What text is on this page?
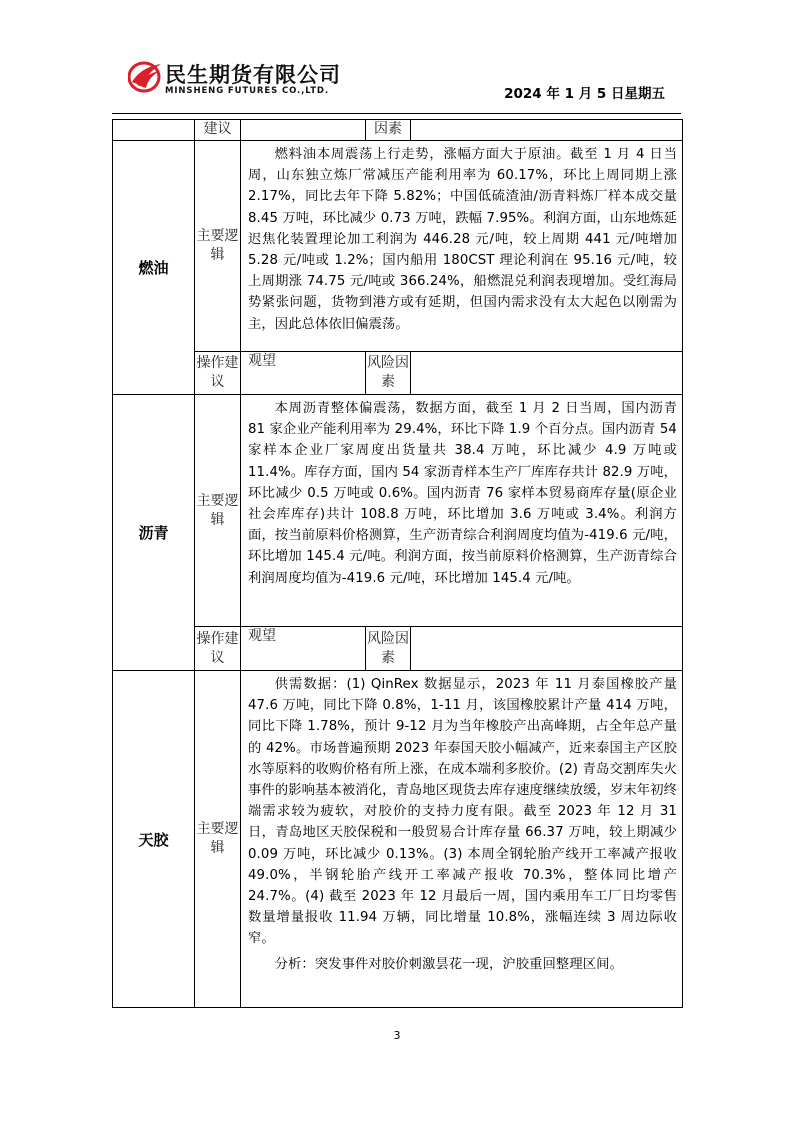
民生期货有限公司
MINSHENG FUTURES CO.,LTD.	2024 年 1 月 5 日星期五
	建议		因素	
燃油	主要逻辑	燃料油本周震荡上行走势，涨幅方面大于原油。截至 1 月 4 日当周，山东独立炼厂常减压产能利用率为 60.17%，环比上周同期上涨 2.17%，同比去年下降 5.82%；中国低硫渣油/沥青料炼厂样本成交量 8.45 万吨，环比减少 0.73 万吨，跌幅 7.95%。利润方面，山东地炼延迟焦化装置理论加工利润为 446.28 元/吨，较上周期 441 元/吨增加 5.28 元/吨或 1.2%；国内船用 180CST 理论利润在 95.16 元/吨，较上周期涨 74.75 元/吨或 366.24%，船燃混兑利润表现增加。受红海局势紧张问题，货物到港方或有延期，但国内需求没有太大起色以刚需为主，因此总体依旧偏震荡。		

	操作建议	观望	风险因素	
沥青	主要逻辑	本周沥青整体偏震荡，数据方面，截至 1 月 2 日当周，国内沥青 81 家企业产能利用率为 29.4%，环比下降 1.9 个百分点。国内沥青 54 家样本企业厂家周度出货量共 38.4 万吨，环比减少 4.9 万吨或 11.4%。库存方面，国内 54 家沥青样本生产厂库库存共计 82.9 万吨，环比减少 0.5 万吨或 0.6%。国内沥青 76 家样本贸易商库存量(原企业社会库库存)共计 108.8 万吨，环比增加 3.6 万吨或 3.4%。利润方面，按当前原料价格测算，生产沥青综合利润周度均值为-419.6 元/吨，环比增加 145.4 元/吨。利润方面，按当前原料价格测算，生产沥青综合利润周度均值为-419.6 元/吨，环比增加 145.4 元/吨。		

	操作建议	观望	风险因素	
天胶	主要逻辑	供需数据：(1) QinRex 数据显示，2023 年 11 月泰国橡胶产量 47.6 万吨，同比下降 0.8%，1-11 月，该国橡胶累计产量 414 万吨，同比下降 1.78%，预计 9-12 月为当年橡胶产出高峰期，占全年总产量的 42%。市场普遍预期 2023 年泰国天胶小幅减产，近来泰国主产区胶水等原料的收购价格有所上涨，在成本端利多胶价。(2) 青岛交割库失火事件的影响基本被消化，青岛地区现货去库存速度继续放缓，岁末年初终端需求较为疲软，对胶价的支持力度有限。截至 2023 年 12 月 31 日，青岛地区天胶保税和一般贸易合计库存量 66.37 万吨，较上期减少 0.09 万吨，环比减少 0.13%。(3) 本周全钢轮胎产线开工率减产报收 49.0%，半钢轮胎产线开工率减产报收 70.3%，整体同比增产 24.7%。(4) 截至 2023 年 12 月最后一周，国内乘用车工厂日均零售数量增量报收 11.94 万辆，同比增量 10.8%，涨幅连续 3 周边际收窄。

分析：突发事件对胶价刺激昙花一现，沪胶重回整理区间。		

3
